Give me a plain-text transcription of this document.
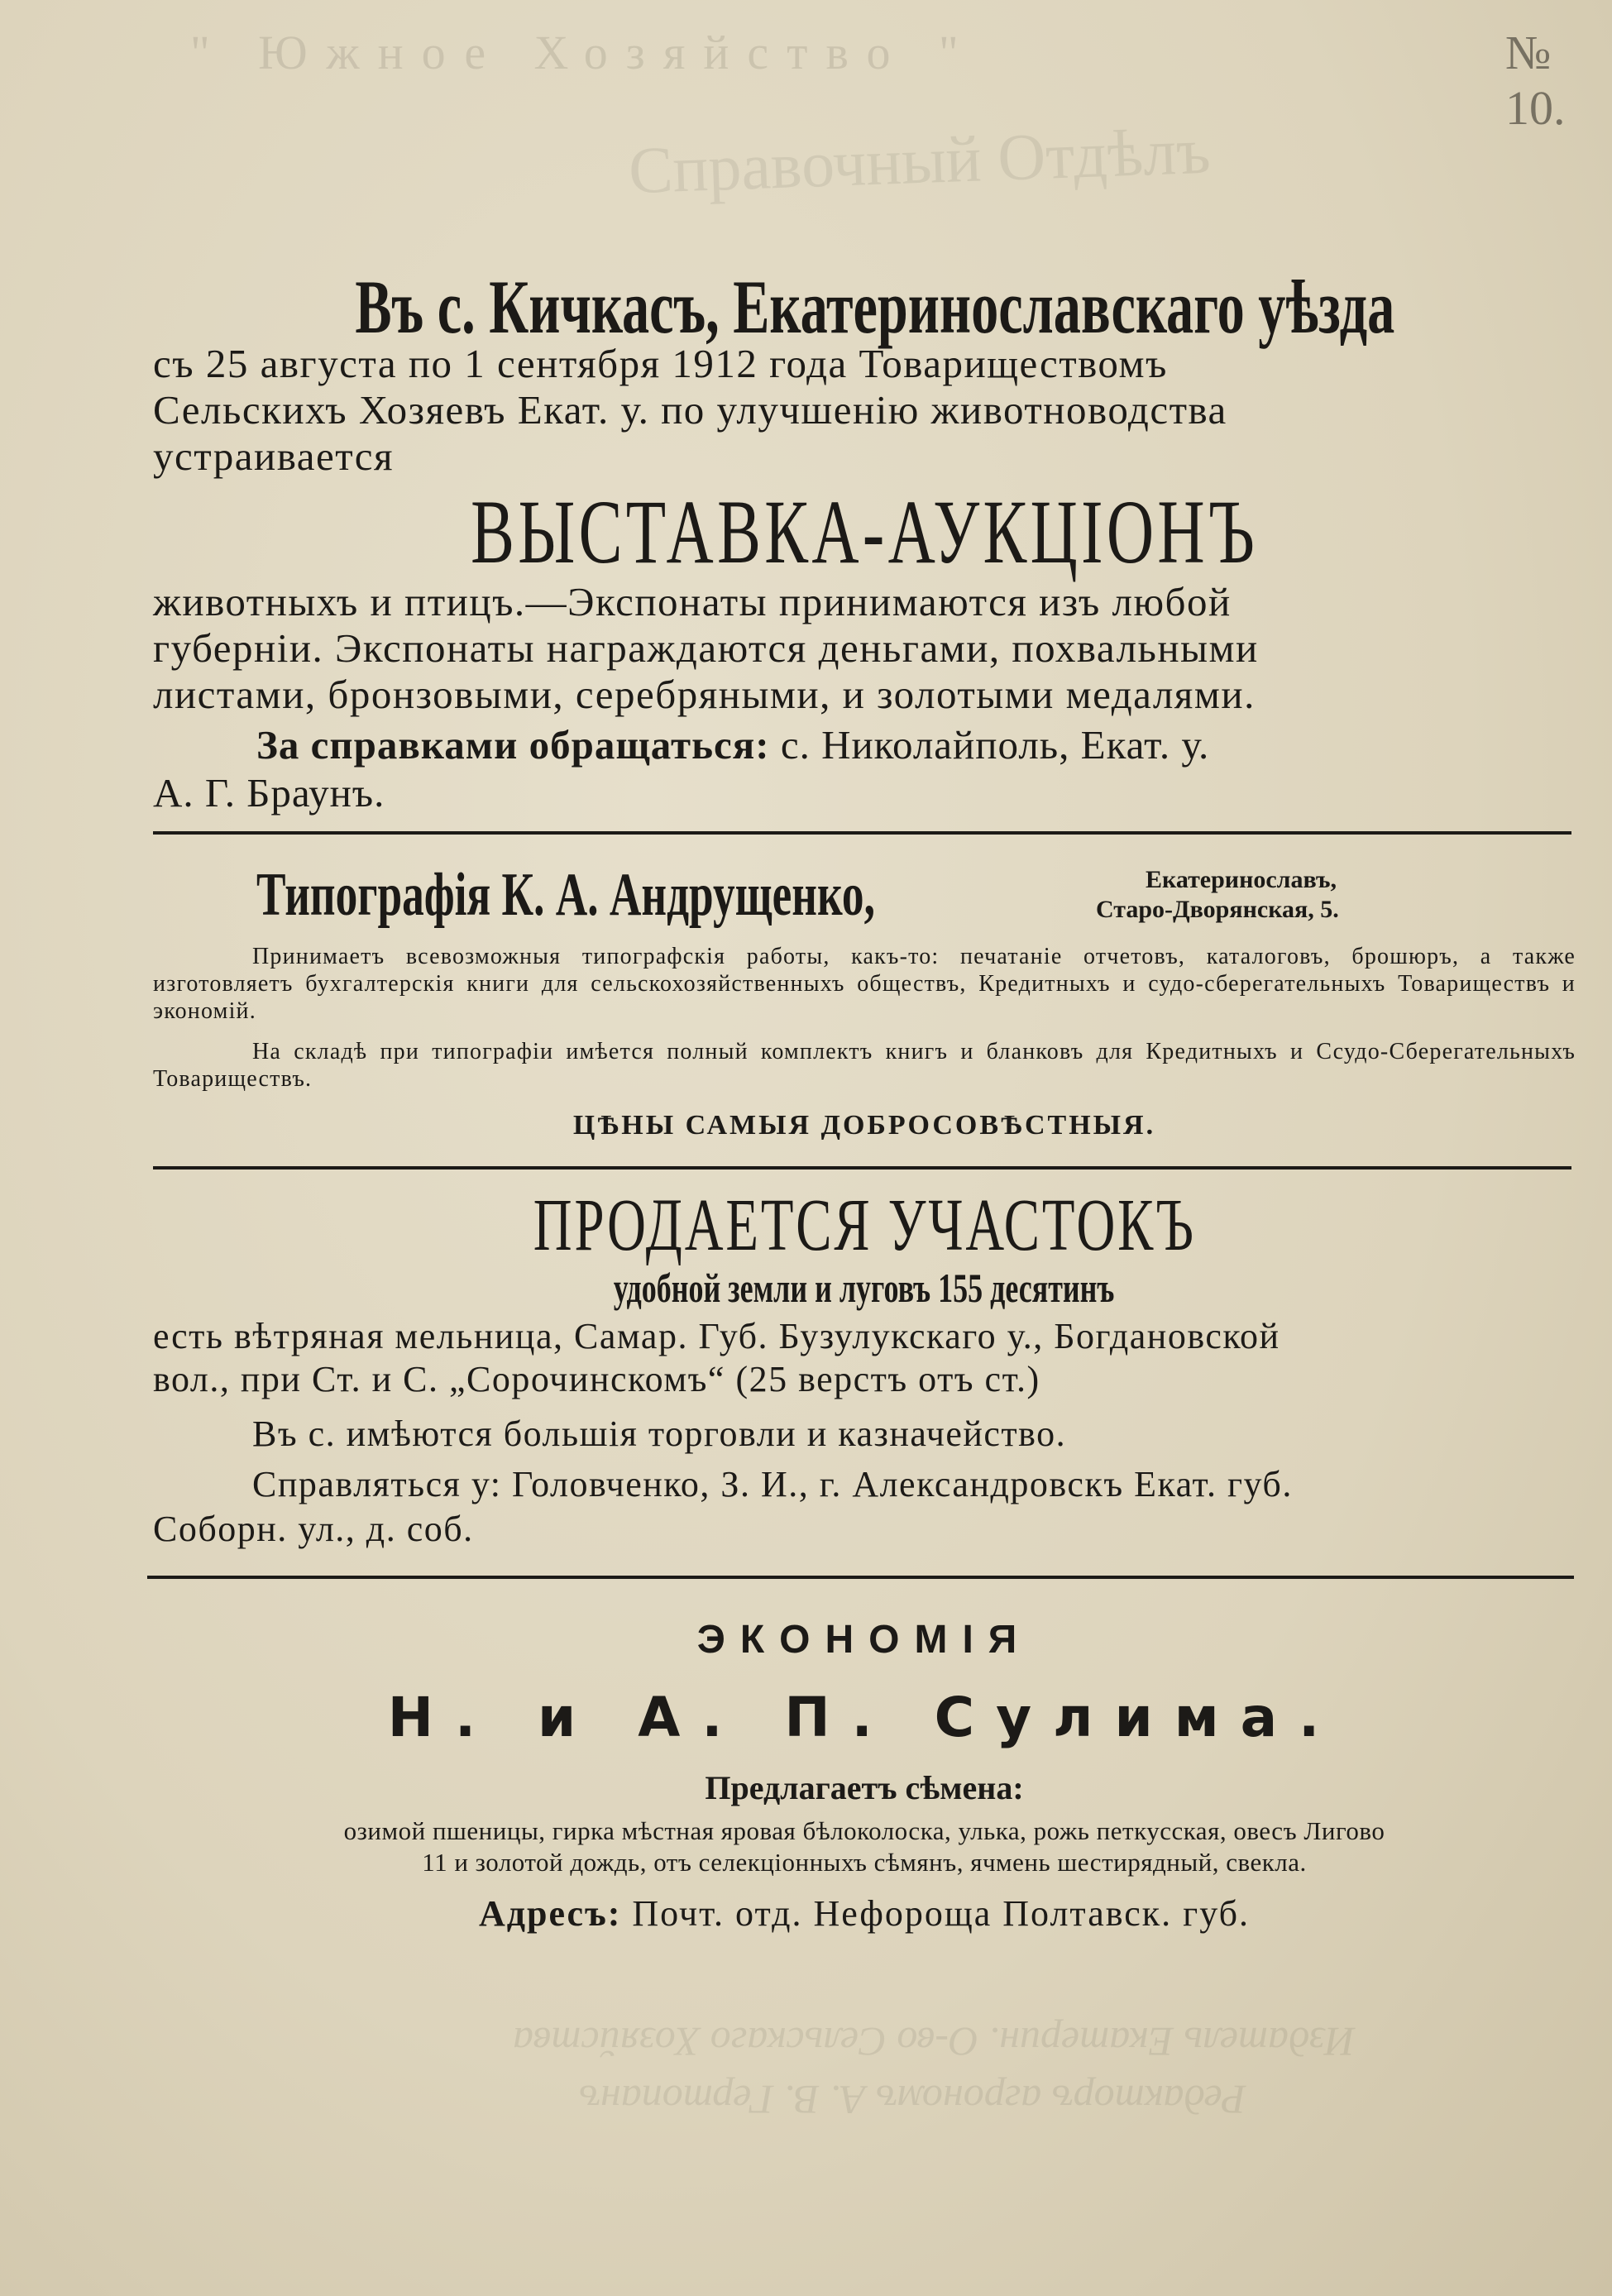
" Южное Хозяйство "	№ 10.
Справочный Отдѣлъ
Издатель Екатерин. О-во Сельскаго Хозяйства
Редакторъ агрономъ А. В. Гертопанъ
Въ с. Кичкасъ, Екатеринославскаго уѣзда
съ 25 августа по 1 сентября 1912 года Товариществомъ
Сельскихъ Хозяевъ Екат. у. по улучшенію животноводства
устраивается
ВЫСТАВКА-АУКЦIОНЪ
животныхъ и птицъ.—Экспонаты принимаются изъ любой
губерніи. Экспонаты награждаются деньгами, похвальными
листами, бронзовыми, серебряными, и золотыми медалями.
За справками обращаться: с. Николайполь, Екат. у.
А. Г. Браунъ.
Типографія К. А. Андрущенко,	Екатеринославъ,
Старо-Дворянская, 5.
Принимаетъ всевозможныя типографскія работы, какъ-то: печатаніе отчетовъ, каталоговъ, брошюръ, а также изготовляетъ бухгалтерскія книги для сельскохозяйственныхъ обществъ, Кредитныхъ и судо-сберегательныхъ Товариществъ и экономій.
На складѣ при типографіи имѣется полный комплектъ книгъ и бланковъ для Кредитныхъ и Ссудо-Сберегательныхъ Товариществъ.
ЦѢНЫ САМЫЯ ДОБРОСОВѢСТНЫЯ.
ПРОДАЕТСЯ УЧАСТОКЪ
удобной земли и луговъ 155 десятинъ
есть вѣтряная мельница, Самар. Губ. Бузулукскаго у., Богдановской
вол., при Ст. и С. „Сорочинскомъ“ (25 верстъ отъ ст.)
Въ с. имѣются большія торговли и казначейство.
Справляться у: Головченко, З. И., г. Александровскъ Екат. губ.
Соборн. ул., д. соб.
ЭКОНОМІЯ
Н. и А. П. Сулима.
Предлагаетъ сѣмена:
озимой пшеницы, гирка мѣстная яровая бѣлоколоска, улька, рожь петкусская, овесъ Лигово
11 и золотой дождь, отъ селекціонныхъ сѣмянъ, ячмень шестирядный, свекла.
Адресъ: Почт. отд. Нефороща Полтавск. губ.
